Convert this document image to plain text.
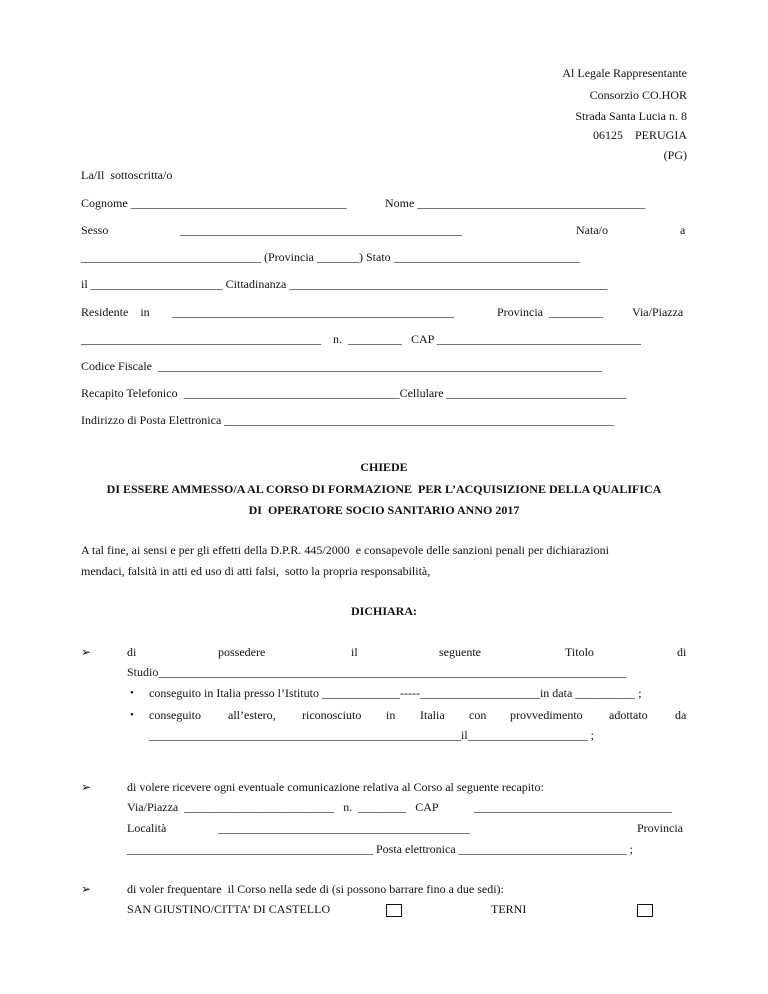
Al Legale Rappresentante
Consorzio CO.HOR
Strada Santa Lucia n. 8
06125    PERUGIA
(PG)
La/Il  sottoscritta/o
Cognome ____________________________________	Nome ______________________________________
Sesso	_______________________________________________	Nata/o	a
______________________________ (Provincia _______) Stato _______________________________
il ______________________ Cittadinanza _____________________________________________________
Residente    in _______________________________________________	Provincia  _________ Via/Piazza
________________________________________    n.  _________   CAP __________________________________
Codice Fiscale  __________________________________________________________________________
Recapito Telefonico  ____________________________________Cellulare ______________________________
Indirizzo di Posta Elettronica _________________________________________________________________
CHIEDE
DI ESSERE AMMESSO/A AL CORSO DI FORMAZIONE  PER L’ACQUISIZIONE DELLA QUALIFICA
DI  OPERATORE SOCIO SANITARIO ANNO 2017
A tal fine, ai sensi e per gli effetti della D.P.R. 445/2000  e consapevole delle sanzioni penali per dichiarazioni
mendaci, falsità in atti ed uso di atti falsi,  sotto la propria responsabilità,
DICHIARA:
➢	di	possedere	il	seguente	Titolo	di
Studio______________________________________________________________________________
• conseguito in Italia presso l’Istituto _____________-----____________________in data __________ ;
• conseguito all’estero, riconosciuto in Italia con provvedimento adottato da
____________________________________________________il____________________ ;
➢	di volere ricevere ogni eventuale comunicazione relativa al Corso al seguente recapito:
Via/Piazza  _________________________   n.  ________   CAP	_________________________________
Località	__________________________________________	Provincia
_________________________________________ Posta elettronica ____________________________ ;
➢	di voler frequentare  il Corso nella sede di (si possono barrare fino a due sedi):
SAN GIUSTINO/CITTA’ DI CASTELLO	TERNI
